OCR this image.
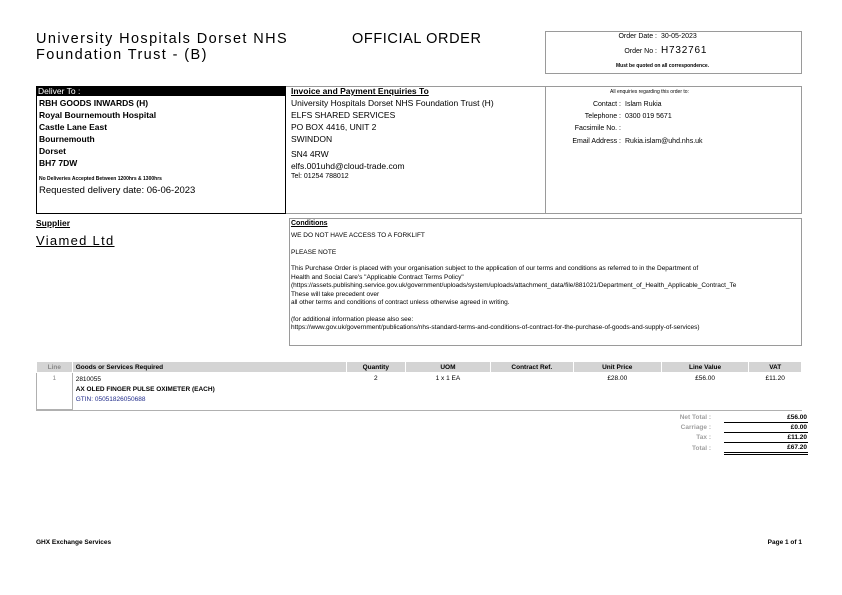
University Hospitals Dorset NHS
Foundation Trust - (B)
OFFICIAL ORDER	Order Date : 30-05-2023
Order No : H732761
Must be quoted on all correspondence.
Deliver To :
RBH GOODS INWARDS (H)
Royal Bournemouth Hospital
Castle Lane East
Bournemouth
Dorset
BH7 7DW
No Deliveries Accepted Between 1200hrs & 1300hrs
Requested delivery date: 06-06-2023
Invoice and Payment Enquiries To
University Hospitals Dorset NHS Foundation Trust (H)
ELFS SHARED SERVICES
PO BOX 4416, UNIT 2
SWINDON
SN4 4RW
elfs.001uhd@cloud-trade.com
Tel: 01254 788012
All enquiries regarding this order to:
Contact : Islam Rukia
Telephone : 0300 019 5671
Facsimile No. :
Email Address : Rukia.islam@uhd.nhs.uk
Supplier
Viamed Ltd
Conditions
WE DO NOT HAVE ACCESS TO A FORKLIFT
PLEASE NOTE
This Purchase Order is placed with your organisation subject to the application of our terms and conditions as referred to in the Department of
Health and Social Care's "Applicable Contract Terms Policy"
(https://assets.publishing.service.gov.uk/government/uploads/system/uploads/attachment_data/file/881021/Department_of_Health_Applicable_Contract_Te
These will take precedent over
all other terms and conditions of contract unless otherwise agreed in writing.
(for additional information please also see:
https://www.gov.uk/government/publications/nhs-standard-terms-and-conditions-of-contract-for-the-purchase-of-goods-and-supply-of-services)
Line	Goods or Services Required	Quantity	UOM	Contract Ref.	Unit Price	Line Value	VAT
1	2810055
AX OLED FINGER PULSE OXIMETER (EACH)
GTIN: 05051826050688	2	1 x 1 EA		£28.00	£56.00	£11.20
Net Total :		£56.00
Carriage :		£0.00
Tax :		£11.20
Total :		£67.20
GHX Exchange Services	Page 1 of 1
